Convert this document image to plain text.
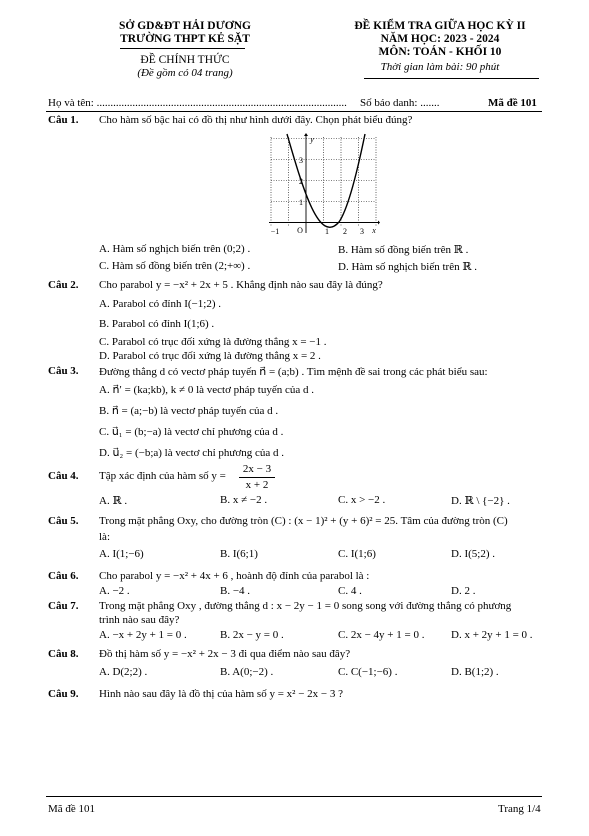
SỞ GD&ĐT HẢI DƯƠNG
TRƯỜNG THPT KẺ SẶT
ĐỀ CHÍNH THỨC
(Đề gồm có 04 trang)
ĐỀ KIỂM TRA GIỮA HỌC KỲ II
NĂM HỌC: 2023 - 2024
MÔN: TOÁN - KHỐI 10
Thời gian làm bài: 90 phút
Họ và tên: ........................................................................................... Số báo danh: .......	Mã đề 101
Câu 1. Cho hàm số bậc hai có đồ thị như hình dưới đây. Chọn phát biểu đúng?
−1 O	1 2 3 x
3
2
1
y
A. Hàm số nghịch biến trên (0;2) .	B. Hàm số đồng biến trên ℝ .
C. Hàm số đồng biến trên (2;+∞) .	D. Hàm số nghịch biến trên ℝ .
Câu 2. Cho parabol y = −x² + 2x + 5 . Khẳng định nào sau đây là đúng?
A. Parabol có đỉnh I(−1;2) .
B. Parabol có đỉnh I(1;6) .
C. Parabol có trục đối xứng là đường thẳng x = −1 .
D. Parabol có trục đối xứng là đường thẳng x = 2 .
Câu 3. Đường thẳng d có vectơ pháp tuyến n⃗ = (a;b) . Tìm mệnh đề sai trong các phát biểu sau:
A. n⃗′ = (ka;kb), k ≠ 0 là vectơ pháp tuyến của d .
B. n⃗ = (a;−b) là vectơ pháp tuyến của d .
C. u⃗₁ = (b;−a) là vectơ chỉ phương của d .
D. u⃗₂ = (−b;a) là vectơ chỉ phương của d .
Câu 4. Tập xác định của hàm số y =
2x − 3
x + 2
A. ℝ .	B. x ≠ −2 .	C. x > −2 .	D. ℝ \ {−2} .
Câu 5. Trong mặt phẳng Oxy, cho đường tròn (C) : (x − 1)² + (y + 6)² = 25. Tâm của đường tròn (C)
là:
A. I(1;−6)	B. I(6;1)	C. I(1;6)	D. I(5;2) .
Câu 6. Cho parabol y = −x² + 4x + 6 , hoành độ đỉnh của parabol là :
A. −2 .	B. −4 .	C. 4 .	D. 2 .
Câu 7. Trong mặt phẳng Oxy , đường thẳng d : x − 2y − 1 = 0 song song với đường thẳng có phương
trình nào sau đây?
A. −x + 2y + 1 = 0 .	B. 2x − y = 0 .	C. 2x − 4y + 1 = 0 . D. x + 2y + 1 = 0 .
Câu 8. Đồ thị hàm số y = −x² + 2x − 3 đi qua điểm nào sau đây?
A. D(2;2) .	B. A(0;−2) .	C. C(−1;−6) .	D. B(1;2) .
Câu 9. Hình nào sau đây là đồ thị của hàm số y = x² − 2x − 3 ?
Mã đề 101	Trang 1/4
